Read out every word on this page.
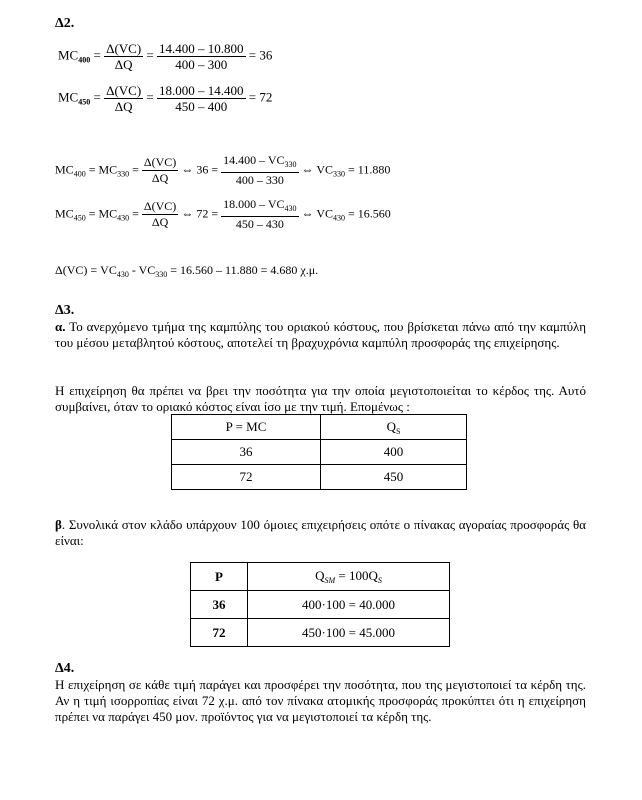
Δ2.
$MC_{400} = \frac{\Delta(VC)}{\Delta Q} = \frac{14.400 - 10.800}{400 - 300} = 36$
$MC_{450} = \frac{\Delta(VC)}{\Delta Q} = \frac{18.000 - 14.400}{450 - 400} = 72$
$MC_{400} = MC_{330} = \frac{\Delta(VC)}{\Delta Q}$ ⇔ $36 = \frac{14.400 - VC_{330}}{400 - 330}$ ⇔ $VC_{330} = 11.880$
$MC_{450} = MC_{430} = \frac{\Delta(VC)}{\Delta Q}$ ⇔ $72 = \frac{18.000 - VC_{430}}{450 - 430}$ ⇔ $VC_{430} = 16.560$
$\Delta(VC) = VC_{430} - VC_{330} = 16.560 - 11.880 = 4.680$ χ.μ.
Δ3.
α. Το ανερχόμενο τμήμα της καμπύλης του οριακού κόστους, που βρίσκεται πάνω από την καμπύλη του μέσου μεταβλητού κόστους, αποτελεί τη βραχυχρόνια καμπύλη προσφοράς της επιχείρησης.
Η επιχείρηση θα πρέπει να βρει την ποσότητα για την οποία μεγιστοποιείται το κέρδος της. Αυτό συμβαίνει, όταν το οριακό κόστος είναι ίσο με την τιμή. Επομένως :
P = MC	$Q_S$
36	400
72	450
β. Συνολικά στον κλάδο υπάρχουν 100 όμοιες επιχειρήσεις οπότε ο πίνακας αγοραίας προσφοράς θα είναι:
P	$Q_{SM} = 100Q_S$
36	400·100 = 40.000
72	450·100 = 45.000
Δ4.
Η επιχείρηση σε κάθε τιμή παράγει και προσφέρει την ποσότητα, που της μεγιστοποιεί τα κέρδη της. Αν η τιμή ισορροπίας είναι 72 χ.μ. από τον πίνακα ατομικής προσφοράς προκύπτει ότι η επιχείρηση πρέπει να παράγει 450 μον. προϊόντος για να μεγιστοποιεί τα κέρδη της.
